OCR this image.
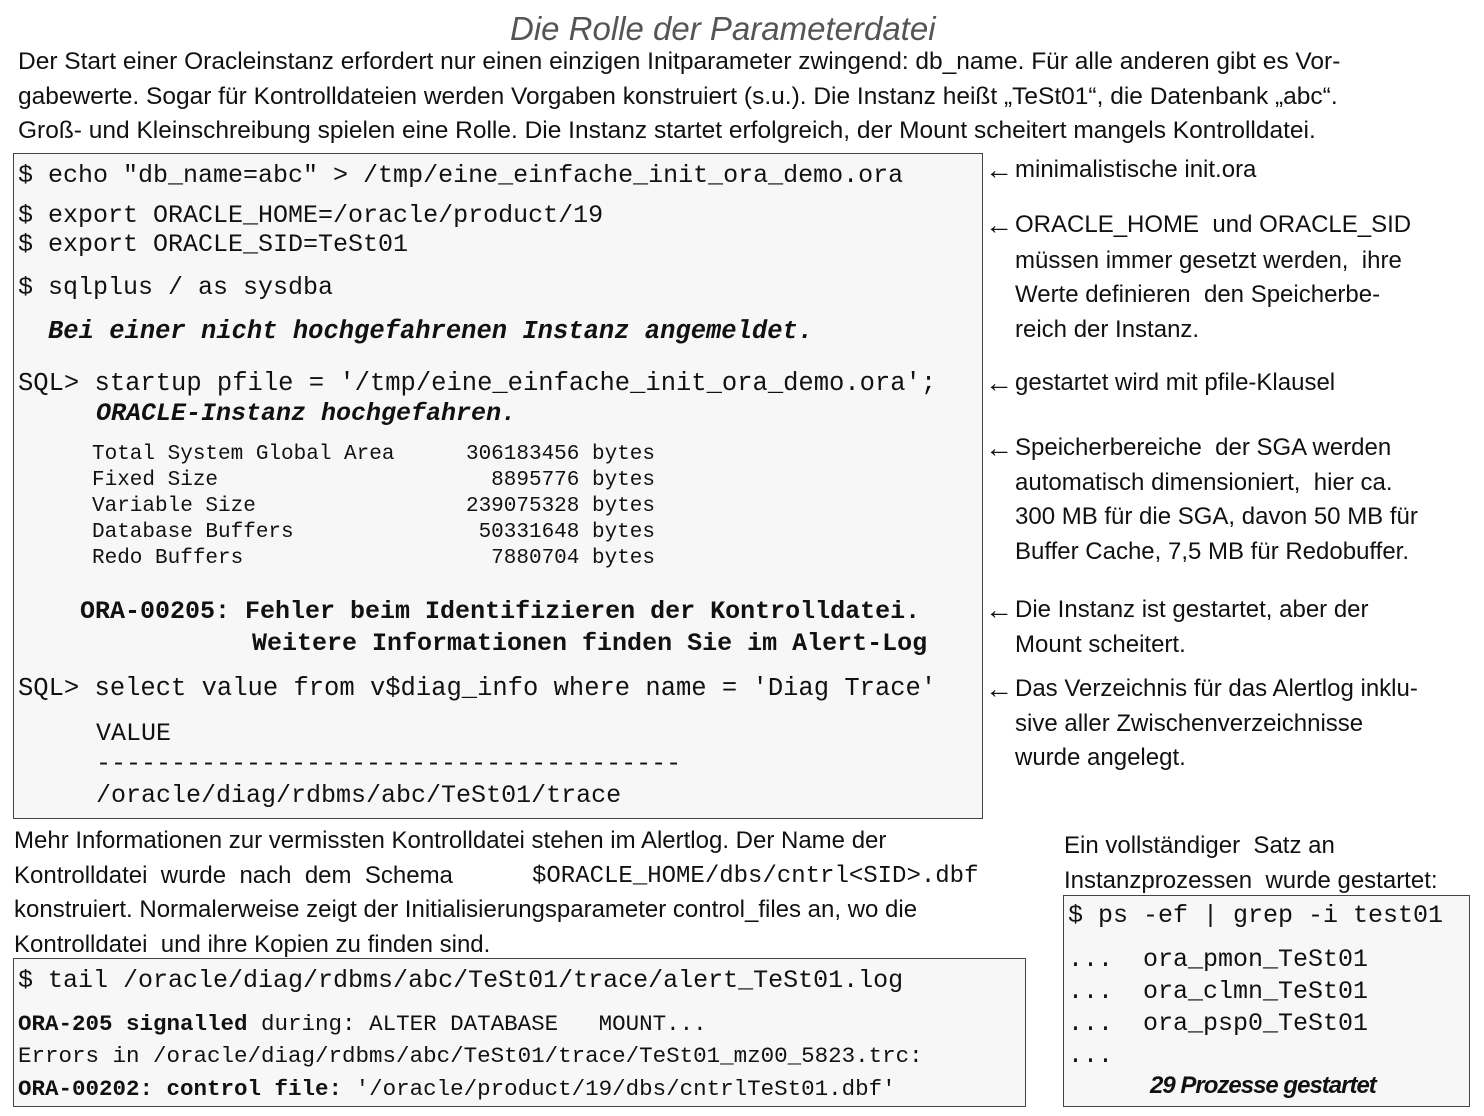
Die Rolle der Parameterdatei
Der Start einer Oracleinstanz erfordert nur einen einzigen Initparameter zwingend: db_name. Für alle anderen gibt es Vor-
gabewerte. Sogar für Kontrolldateien werden Vorgaben konstruiert (s.u.). Die Instanz heißt „TeSt01“, die Datenbank „abc“.
Groß- und Kleinschreibung spielen eine Rolle. Die Instanz startet erfolgreich, der Mount scheitert mangels Kontrolldatei.
$ echo "db_name=abc" > /tmp/eine_einfache_init_ora_demo.ora
$ export ORACLE_HOME=/oracle/product/19
$ export ORACLE_SID=TeSt01
$ sqlplus / as sysdba
Bei einer nicht hochgefahrenen Instanz angemeldet.
SQL> startup pfile = '/tmp/eine_einfache_init_ora_demo.ora';
ORACLE-Instanz hochgefahren.
Total System Global Area
Fixed Size
Variable Size
Database Buffers
Redo Buffers
306183456 bytes
8895776 bytes
239075328 bytes
50331648 bytes
7880704 bytes
ORA-00205: Fehler beim Identifizieren der Kontrolldatei.
Weitere Informationen finden Sie im Alert-Log
SQL> select value from v$diag_info where name = 'Diag Trace'
VALUE
---------------------------------------
/oracle/diag/rdbms/abc/TeSt01/trace
← minimalistische init.ora
← ORACLE_HOME  und ORACLE_SID
müssen immer gesetzt werden,  ihre
Werte definieren  den Speicherbe-
reich der Instanz.
← gestartet wird mit pfile-Klausel
← Speicherbereiche  der SGA werden
automatisch dimensioniert,  hier ca.
300 MB für die SGA, davon 50 MB für
Buffer Cache, 7,5 MB für Redobuffer.
← Die Instanz ist gestartet, aber der
Mount scheitert.
← Das Verzeichnis für das Alertlog inklu-
sive aller Zwischenverzeichnisse
wurde angelegt.
Mehr Informationen zur vermissten Kontrolldatei stehen im Alertlog. Der Name der
Kontrolldatei  wurde  nach  dem  Schema	$ORACLE_HOME/dbs/cntrl<SID>.dbf
konstruiert. Normalerweise zeigt der Initialisierungsparameter control_files an, wo die
Kontrolldatei  und ihre Kopien zu finden sind.
$ tail /oracle/diag/rdbms/abc/TeSt01/trace/alert_TeSt01.log
ORA-205 signalled during: ALTER DATABASE   MOUNT...
Errors in /oracle/diag/rdbms/abc/TeSt01/trace/TeSt01_mz00_5823.trc:
ORA-00202: control file: '/oracle/product/19/dbs/cntrlTeSt01.dbf'
Ein vollständiger  Satz an
Instanzprozessen  wurde gestartet:
$ ps -ef | grep -i test01
...  ora_pmon_TeSt01
...  ora_clmn_TeSt01
...  ora_psp0_TeSt01
...
29 Prozesse gestartet
